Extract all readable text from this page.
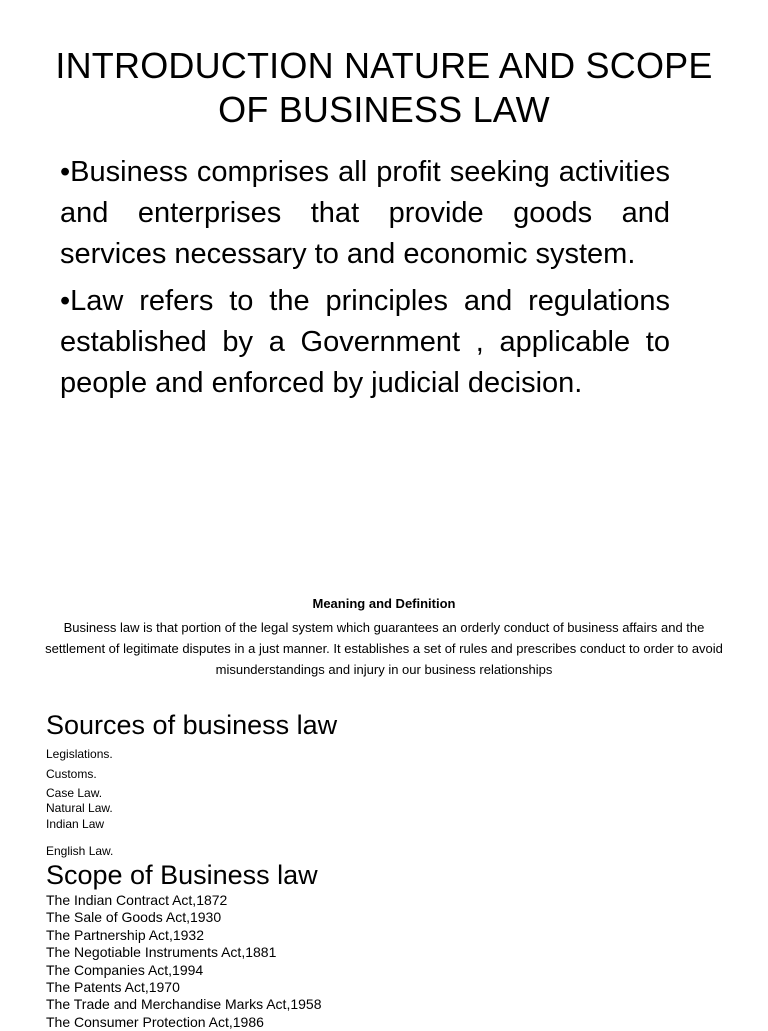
INTRODUCTION NATURE AND SCOPE OF BUSINESS LAW
•Business comprises all profit seeking activities and enterprises that provide goods and services necessary to and economic system.
•Law refers to the principles and regulations established by a Government , applicable to people and enforced by judicial decision.

Meaning and Definition

Business law is that portion of the legal system which guarantees an orderly conduct of business affairs and the settlement of legitimate disputes in a just manner. It establishes a set of rules and prescribes conduct to order to avoid misunderstandings and injury in our business relationships

Sources of business law
Legislations.
Customs.
Case Law.
Natural Law.
Indian Law
English Law.
Scope of Business law
The Indian Contract Act,1872
The Sale of Goods Act,1930
The Partnership Act,1932
The Negotiable Instruments Act,1881
The Companies Act,1994
The Patents Act,1970
The Trade and Merchandise Marks Act,1958
The Consumer Protection Act,1986
